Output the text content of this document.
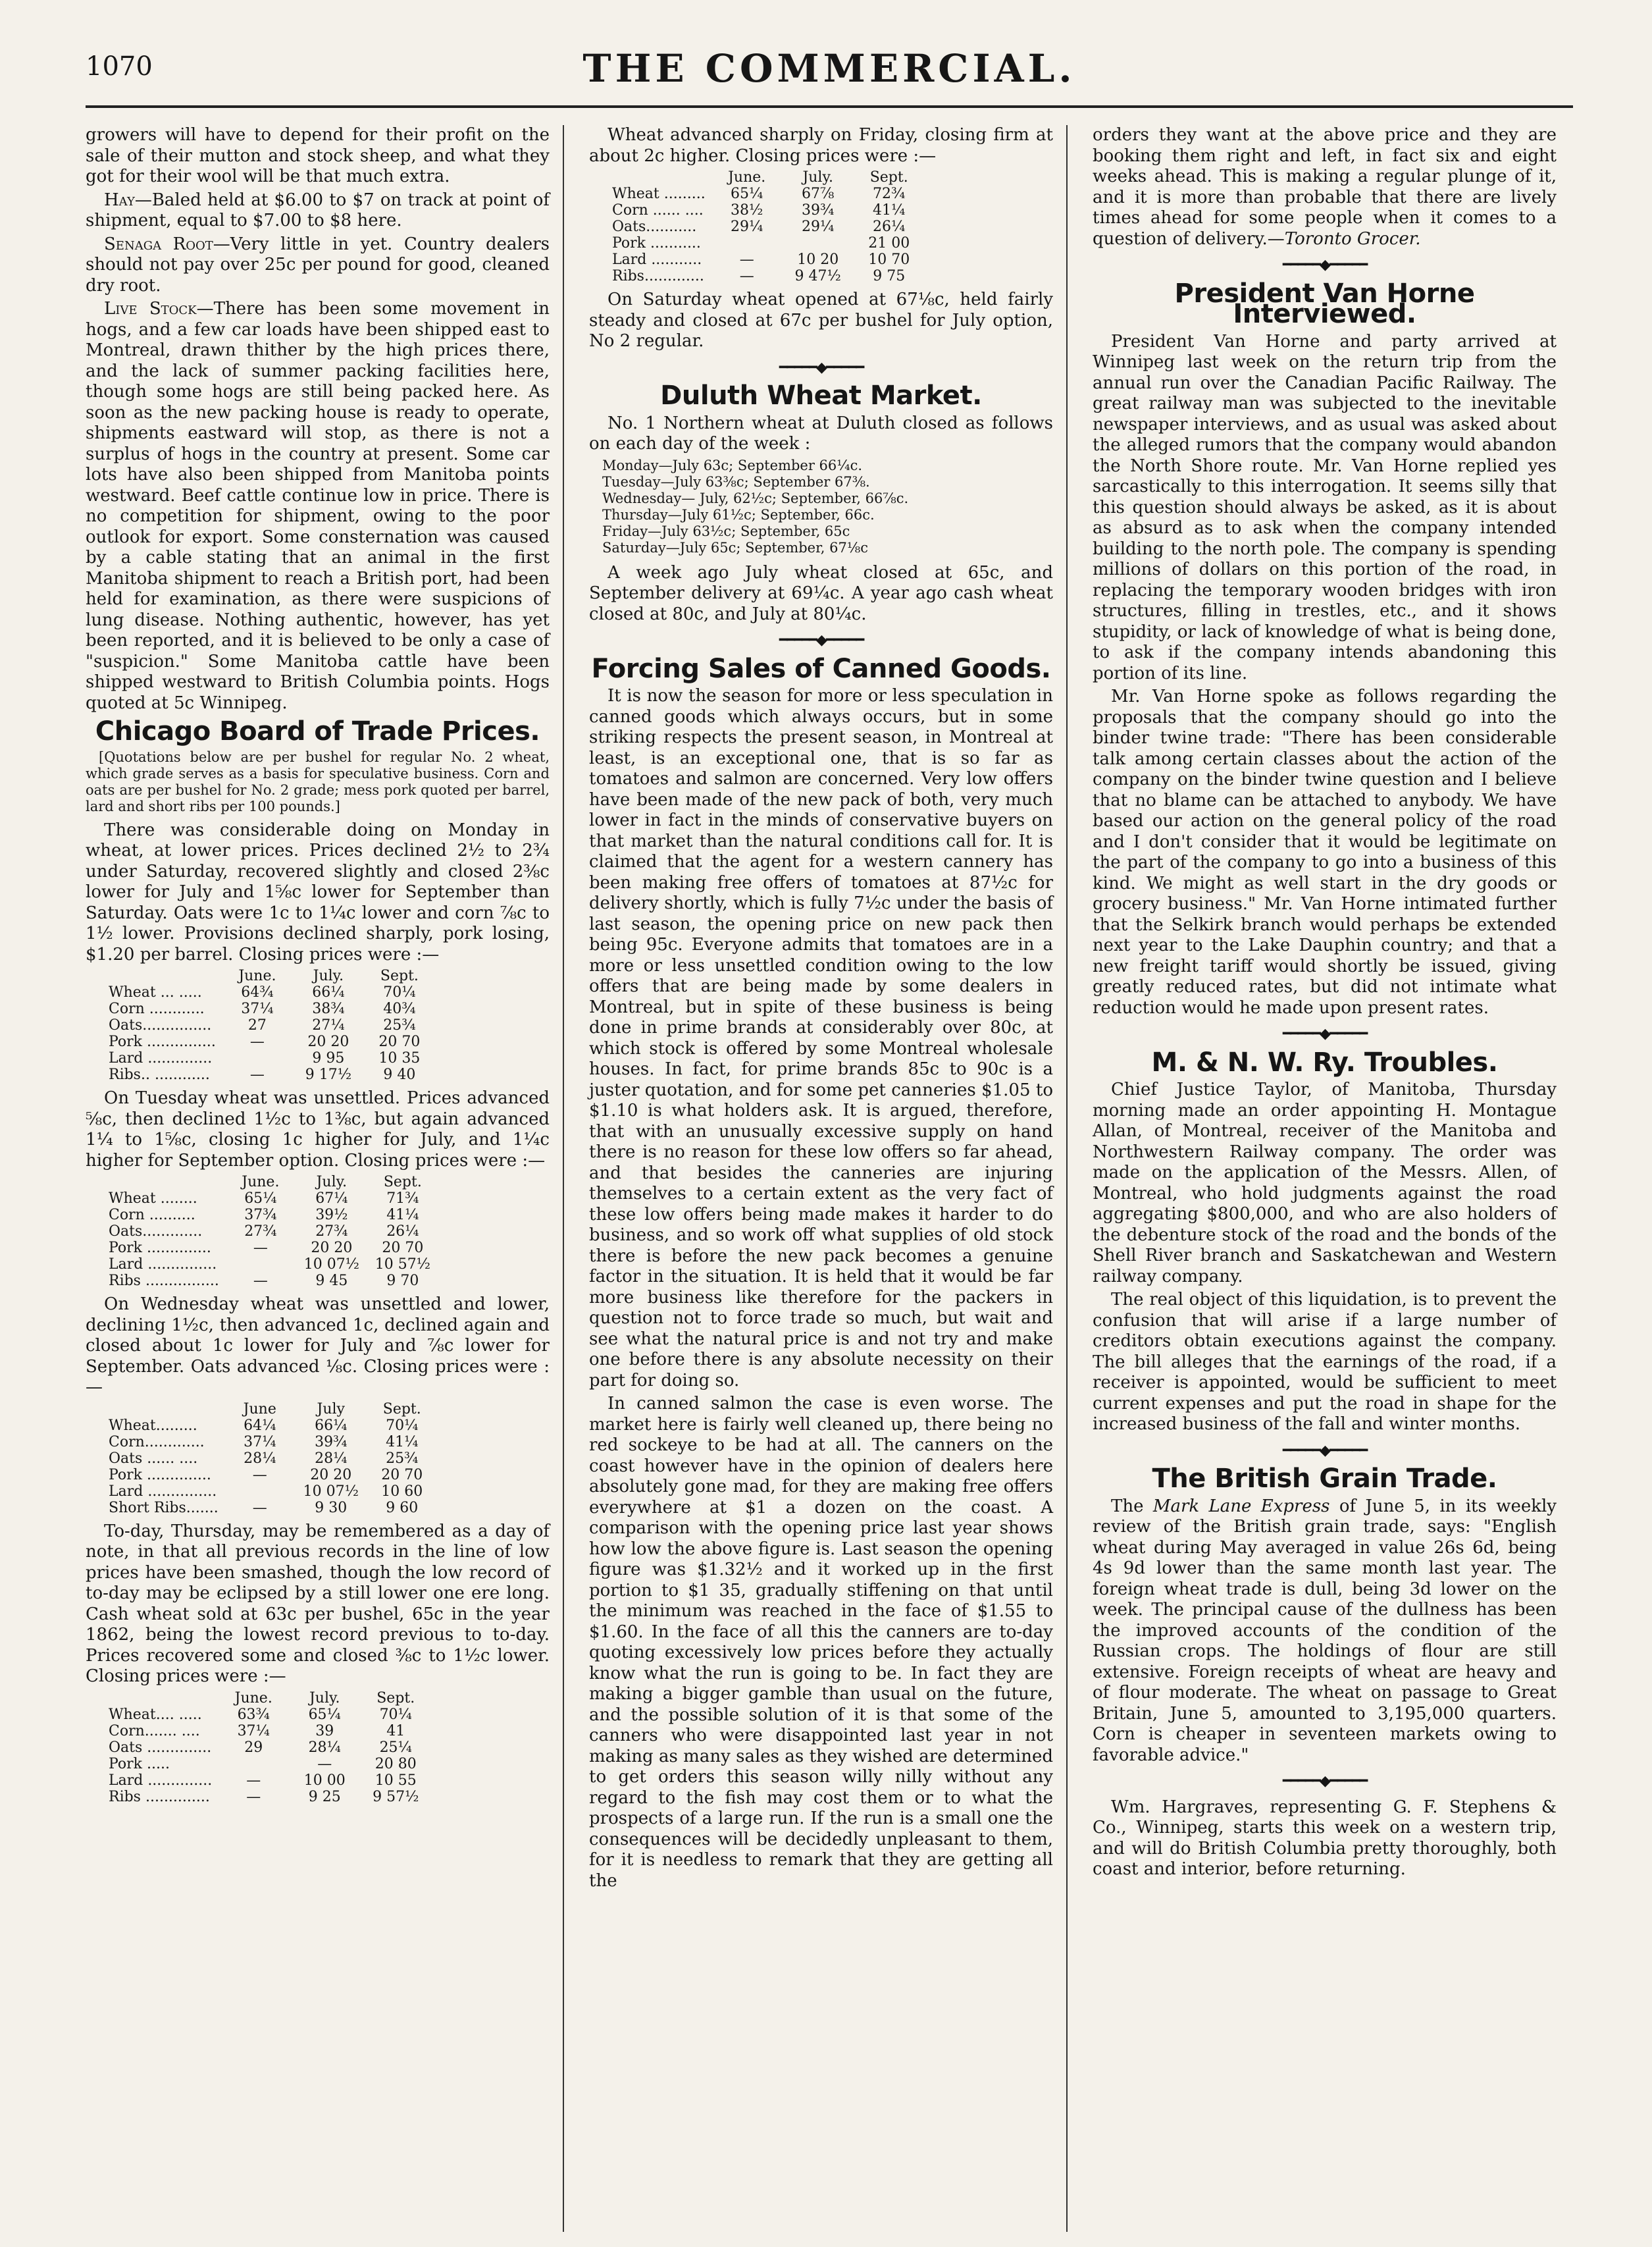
1070	THE COMMERCIAL.

growers will have to depend for their profit on the sale of their mutton and stock sheep, and what they got for their wool will be that much extra.

Hay—Baled held at $6.00 to $7 on track at point of shipment, equal to $7.00 to $8 here.

Senaga Root—Very little in yet. Country dealers should not pay over 25c per pound for good, cleaned dry root.

Live Stock—There has been some movement in hogs, and a few car loads have been shipped east to Montreal, drawn thither by the high prices there, and the lack of summer packing facilities here, though some hogs are still being packed here. As soon as the new packing house is ready to operate, shipments eastward will stop, as there is not a surplus of hogs in the country at present. Some car lots have also been shipped from Manitoba points westward. Beef cattle continue low in price. There is no competition for shipment, owing to the poor outlook for export. Some consternation was caused by a cable stating that an animal in the first Manitoba shipment to reach a British port, had been held for examination, as there were suspicions of lung disease. Nothing authentic, however, has yet been reported, and it is believed to be only a case of "suspicion." Some Manitoba cattle have been shipped westward to British Columbia points. Hogs quoted at 5c Winnipeg.

Chicago Board of Trade Prices.

[Quotations below are per bushel for regular No. 2 wheat, which grade serves as a basis for speculative business. Corn and oats are per bushel for No. 2 grade; mess pork quoted per barrel, lard and short ribs per 100 pounds.]

There was considerable doing on Monday in wheat, at lower prices. Prices declined 2½ to 2¾ under Saturday, recovered slightly and closed 2⅜c lower for July and 1⅝c lower for September than Saturday. Oats were 1c to 1¼c lower and corn ⅞c to 1½ lower. Provisions declined sharply, pork losing, $1.20 per barrel. Closing prices were :—

	June.	July.	Sept.
Wheat ... .....	64¾	66¼	70¼
Corn ............	37¼	38¾	40¾
Oats...............	27	27¼	25¾
Pork ...............	—	20 20	20 70
Lard ..............		9 95	10 35
Ribs.. ............	—	9 17½	9 40

On Tuesday wheat was unsettled. Prices advanced ⅝c, then declined 1½c to 1⅜c, but again advanced 1¼ to 1⅝c, closing 1c higher for July, and 1¼c higher for September option. Closing prices were :—

	June.	July.	Sept.
Wheat ........	65¼	67¼	71¾
Corn ..........	37¾	39½	41¼
Oats.............	27¾	27¾	26¼
Pork ..............	—	20 20	20 70
Lard ...............		10 07½	10 57½
Ribs ................	—	9 45	9 70

On Wednesday wheat was unsettled and lower, declining 1½c, then advanced 1c, declined again and closed about 1c lower for July and ⅞c lower for September. Oats advanced ⅛c. Closing prices were :—

	June	July	Sept.
Wheat.........	64¼	66¼	70¼
Corn.............	37¼	39¾	41¼
Oats ...... ....	28¼	28¼	25¾
Pork ..............	—	20 20	20 70
Lard ...............		10 07½	10 60
Short Ribs.......	—	9 30	9 60

To-day, Thursday, may be remembered as a day of note, in that all previous records in the line of low prices have been smashed, though the low record of to-day may be eclipsed by a still lower one ere long. Cash wheat sold at 63c per bushel, 65c in the year 1862, being the lowest record previous to to-day. Prices recovered some and closed ⅜c to 1½c lower. Closing prices were :—

	June.	July.	Sept.
Wheat.... .....	63¾	65¼	70¼
Corn....... ....	37¼	39	41
Oats ..............	29	28¼	25¼
Pork .....		—	20 80
Lard ..............	—	10 00	10 55
Ribs ..............	—	9 25	9 57½

Wheat advanced sharply on Friday, closing firm at about 2c higher. Closing prices were :—

	June.	July.	Sept.
Wheat .........	65¼	67⅞	72¾
Corn ...... ....	38½	39¾	41¼
Oats...........	29¼	29¼	26¼
Pork ...........			21 00
Lard ...........	—	10 20	10 70
Ribs.............	—	9 47½	9 75

On Saturday wheat opened at 67⅛c, held fairly steady and closed at 67c per bushel for July option, No 2 regular.

━━━━━◆━━━━━
Duluth Wheat Market.

No. 1 Northern wheat at Duluth closed as follows on each day of the week :

Monday—July 63c; September 66¼c.
Tuesday—July 63⅜c; September 67⅜.
Wednesday— July, 62½c; September, 66⅞c.
Thursday—July 61½c; September, 66c.
Friday—July 63½c; September, 65c
Saturday—July 65c; September, 67⅛c

A week ago July wheat closed at 65c, and September delivery at 69¼c. A year ago cash wheat closed at 80c, and July at 80¼c.

━━━━━◆━━━━━
Forcing Sales of Canned Goods.

It is now the season for more or less speculation in canned goods which always occurs, but in some striking respects the present season, in Montreal at least, is an exceptional one, that is so far as tomatoes and salmon are concerned. Very low offers have been made of the new pack of both, very much lower in fact in the minds of conservative buyers on that market than the natural conditions call for. It is claimed that the agent for a western cannery has been making free offers of tomatoes at 87½c for delivery shortly, which is fully 7½c under the basis of last season, the opening price on new pack then being 95c. Everyone admits that tomatoes are in a more or less unsettled condition owing to the low offers that are being made by some dealers in Montreal, but in spite of these business is being done in prime brands at considerably over 80c, at which stock is offered by some Montreal wholesale houses. In fact, for prime brands 85c to 90c is a juster quotation, and for some pet canneries $1.05 to $1.10 is what holders ask. It is argued, therefore, that with an unusually excessive supply on hand there is no reason for these low offers so far ahead, and that besides the canneries are injuring themselves to a certain extent as the very fact of these low offers being made makes it harder to do business, and so work off what supplies of old stock there is before the new pack becomes a genuine factor in the situation. It is held that it would be far more business like therefore for the packers in question not to force trade so much, but wait and see what the natural price is and not try and make one before there is any absolute necessity on their part for doing so.

In canned salmon the case is even worse. The market here is fairly well cleaned up, there being no red sockeye to be had at all. The canners on the coast however have in the opinion of dealers here absolutely gone mad, for they are making free offers everywhere at $1 a dozen on the coast. A comparison with the opening price last year shows how low the above figure is. Last season the opening figure was $1.32½ and it worked up in the first portion to $1 35, gradually stiffening on that until the minimum was reached in the face of $1.55 to $1.60. In the face of all this the canners are to-day quoting excessively low prices before they actually know what the run is going to be. In fact they are making a bigger gamble than usual on the future, and the possible solution of it is that some of the canners who were disappointed last year in not making as many sales as they wished are determined to get orders this season willy nilly without any regard to the fish may cost them or to what the prospects of a large run. If the run is a small one the consequences will be decidedly unpleasant to them, for it is needless to remark that they are getting all the

orders they want at the above price and they are booking them right and left, in fact six and eight weeks ahead. This is making a regular plunge of it, and it is more than probable that there are lively times ahead for some people when it comes to a question of delivery.—Toronto Grocer.

━━━━━◆━━━━━
President Van Horne Interviewed.

President Van Horne and party arrived at Winnipeg last week on the return trip from the annual run over the Canadian Pacific Railway. The great railway man was subjected to the inevitable newspaper interviews, and as usual was asked about the alleged rumors that the company would abandon the North Shore route. Mr. Van Horne replied yes sarcastically to this interrogation. It seems silly that this question should always be asked, as it is about as absurd as to ask when the company intended building to the north pole. The company is spending millions of dollars on this portion of the road, in replacing the temporary wooden bridges with iron structures, filling in trestles, etc., and it shows stupidity, or lack of knowledge of what is being done, to ask if the company intends abandoning this portion of its line.

Mr. Van Horne spoke as follows regarding the proposals that the company should go into the binder twine trade: "There has been considerable talk among certain classes about the action of the company on the binder twine question and I believe that no blame can be attached to anybody. We have based our action on the general policy of the road and I don't consider that it would be legitimate on the part of the company to go into a business of this kind. We might as well start in the dry goods or grocery business." Mr. Van Horne intimated further that the Selkirk branch would perhaps be extended next year to the Lake Dauphin country; and that a new freight tariff would shortly be issued, giving greatly reduced rates, but did not intimate what reduction would he made upon present rates.

━━━━━◆━━━━━
M. & N. W. Ry. Troubles.

Chief Justice Taylor, of Manitoba, Thursday morning made an order appointing H. Montague Allan, of Montreal, receiver of the Manitoba and Northwestern Railway company. The order was made on the application of the Messrs. Allen, of Montreal, who hold judgments against the road aggregating $800,000, and who are also holders of the debenture stock of the road and the bonds of the Shell River branch and Saskatchewan and Western railway company.

The real object of this liquidation, is to prevent the confusion that will arise if a large number of creditors obtain executions against the company. The bill alleges that the earnings of the road, if a receiver is appointed, would be sufficient to meet current expenses and put the road in shape for the increased business of the fall and winter months.

━━━━━◆━━━━━
The British Grain Trade.

The Mark Lane Express of June 5, in its weekly review of the British grain trade, says: "English wheat during May averaged in value 26s 6d, being 4s 9d lower than the same month last year. The foreign wheat trade is dull, being 3d lower on the week. The principal cause of the dullness has been the improved accounts of the condition of the Russian crops. The holdings of flour are still extensive. Foreign receipts of wheat are heavy and of flour moderate. The wheat on passage to Great Britain, June 5, amounted to 3,195,000 quarters. Corn is cheaper in seventeen markets owing to favorable advice."

━━━━━◆━━━━━

Wm. Hargraves, representing G. F. Stephens & Co., Winnipeg, starts this week on a western trip, and will do British Columbia pretty thoroughly, both coast and interior, before returning.
